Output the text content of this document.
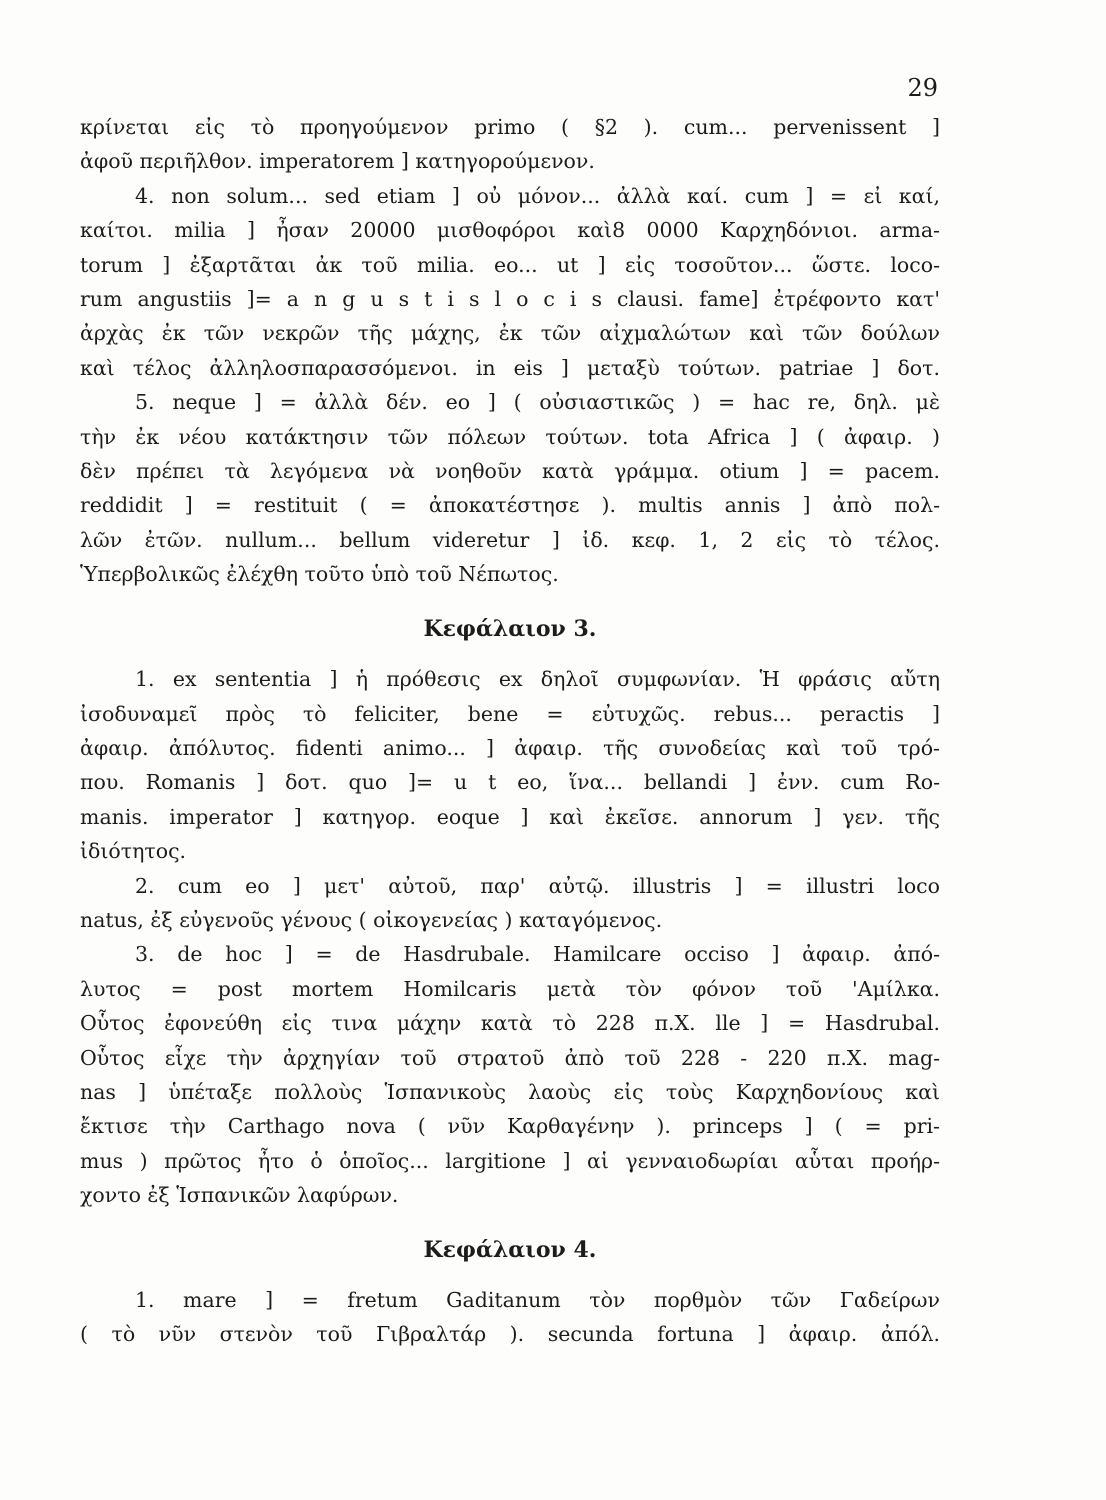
29
κρίνεται εἰς τὸ προηγούμενον primo ( §2 ). cum... pervenissent ]
ἀφοῦ περιῆλθον. imperatorem ] κατηγορούμενον.
4. non solum... sed etiam ] οὐ μόνον... ἀλλὰ καί. cum ] = εἰ καί,
καίτοι. milia ] ἦσαν 20000 μισθοφόροι καὶ8 0000 Καρχηδόνιοι. arma-
torum ] ἐξαρτᾶται ἀκ τοῦ milia. eo... ut ] εἰς τοσοῦτον... ὥστε. loco-
rum angustiis ]= a n g u s t i s l o c i s clausi. fame] ἐτρέφοντο κατ'
ἀρχὰς ἐκ τῶν νεκρῶν τῆς μάχης, ἐκ τῶν αἰχμαλώτων καὶ τῶν δούλων
καὶ τέλος ἀλληλοσπαρασσόμενοι. in eis ] μεταξὺ τούτων. patriae ] δοτ.
5. neque ] = ἀλλὰ δέν. eo ] ( οὐσιαστικῶς ) = hac re, δηλ. μὲ
τὴν ἐκ νέου κατάκτησιν τῶν πόλεων τούτων. tota Africa ] ( ἀφαιρ. )
δὲν πρέπει τὰ λεγόμενα νὰ νοηθοῦν κατὰ γράμμα. otium ] = pacem.
reddidit ] = restituit ( = ἀποκατέστησε ). multis annis ] ἀπὸ πολ-
λῶν ἐτῶν. nullum... bellum videretur ] ἰδ. κεφ. 1, 2 εἰς τὸ τέλος.
Ὑπερβολικῶς ἐλέχθη τοῦτο ὑπὸ τοῦ Νέπωτος.
Κεφάλαιον 3.
1. ex sententia ] ἡ πρόθεσις ex δηλοῖ συμφωνίαν. Ἡ φράσις αὔτη
ἰσοδυναμεῖ πρὸς τὸ feliciter, bene = εὐτυχῶς. rebus... peractis ]
ἀφαιρ. ἀπόλυτος. fidenti animo... ] ἀφαιρ. τῆς συνοδείας καὶ τοῦ τρό-
που. Romanis ] δοτ. quo ]= u t eo, ἵνα... bellandi ] ἐνν. cum Ro-
manis. imperator ] κατηγορ. eoque ] καὶ ἐκεῖσε. annorum ] γεν. τῆς
ἰδιότητος.
2. cum eo ] μετ' αὐτοῦ, παρ' αὐτῷ. illustris ] = illustri loco
natus, ἐξ εὐγενοῦς γένους ( οἰκογενείας ) καταγόμενος.
3. de hoc ] = de Hasdrubale. Hamilcare occiso ] ἀφαιρ. ἀπό-
λυτος = post mortem Homilcaris μετὰ τὸν φόνον τοῦ 'Αμίλκα.
Οὗτος ἐφονεύθη εἰς τινα μάχην κατὰ τὸ 228 π.Χ. lle ] = Hasdrubal.
Οὗτος εἶχε τὴν ἀρχηγίαν τοῦ στρατοῦ ἀπὸ τοῦ 228 - 220 π.Χ. mag-
nas ] ὑπέταξε πολλοὺς Ἱσπανικοὺς λαοὺς εἰς τοὺς Καρχηδονίους καὶ
ἔκτισε τὴν Carthago nova ( νῦν Καρθαγένην ). princeps ] ( = pri-
mus ) πρῶτος ἦτο ὁ ὁποῖος... largitione ] αἱ γενναιοδωρίαι αὗται προήρ-
χοντο ἐξ Ἱσπανικῶν λαφύρων.
Κεφάλαιον 4.
1. mare ] = fretum Gaditanum τὸν πορθμὸν τῶν Γαδείρων
( τὸ νῦν στενὸν τοῦ Γιβραλτάρ ). secunda fortuna ] ἀφαιρ. ἀπόλ.
